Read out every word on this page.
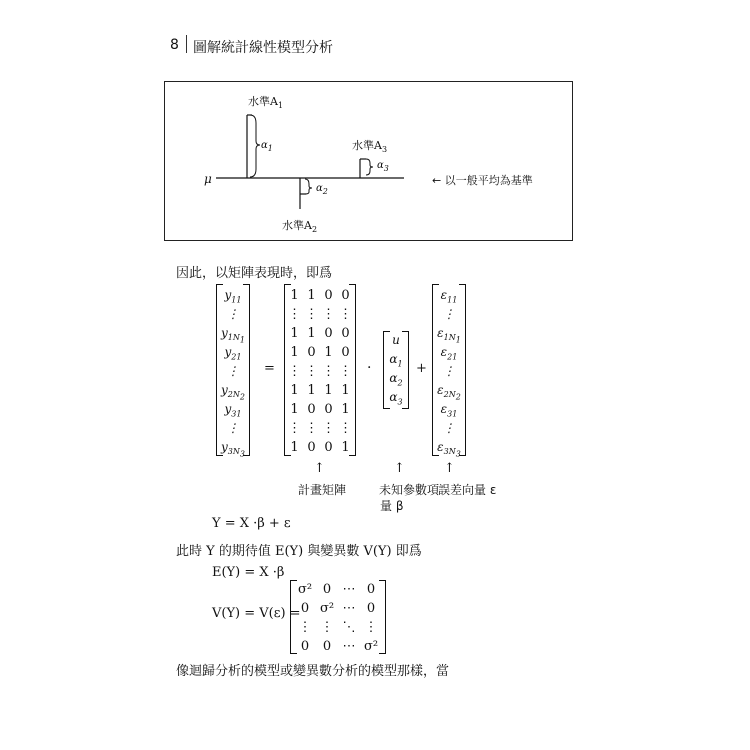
8 圖解統計線性模型分析
水準$A_1$
$\alpha_1$	水準$A_3$
$\alpha_3$
μ
$\alpha_2$
水準$A_2$
← 以一般平均為基準
因此，以矩陣表現時，即爲
$y_{11}$
⋮
$y_{1N_1}$
$y_{21}$
⋮
$y_{2N_2}$
$y_{31}$
⋮
$y_{3N_3}$
=
1 1 0 0
⋮ ⋮ ⋮ ⋮
1 1 0 0
1 0 1 0
⋮ ⋮ ⋮ ⋮
1 1 1 1
1 0 0 1
⋮ ⋮ ⋮ ⋮
1 0 0 1
·
u
$\alpha_1$
$\alpha_2$
$\alpha_3$
+
$\varepsilon_{11}$
⋮
$\varepsilon_{1N_1}$
$\varepsilon_{21}$
⋮
$\varepsilon_{2N_2}$
$\varepsilon_{31}$
⋮
$\varepsilon_{3N_3}$
↑	↑	↑
計畫矩陣	未知參數項
量 β
誤差向量 ε
Y = X ·β + ε
此時 Y 的期待值 E(Y) 與變異數 V(Y) 即爲
E(Y) = X ·β
V(Y) = V(ε) =
σ² 0 ⋯ 0
0 σ² ⋯ 0
⋮ ⋮ ⋱ ⋮
0	0 ⋯ σ²
像迴歸分析的模型或變異數分析的模型那樣，當
